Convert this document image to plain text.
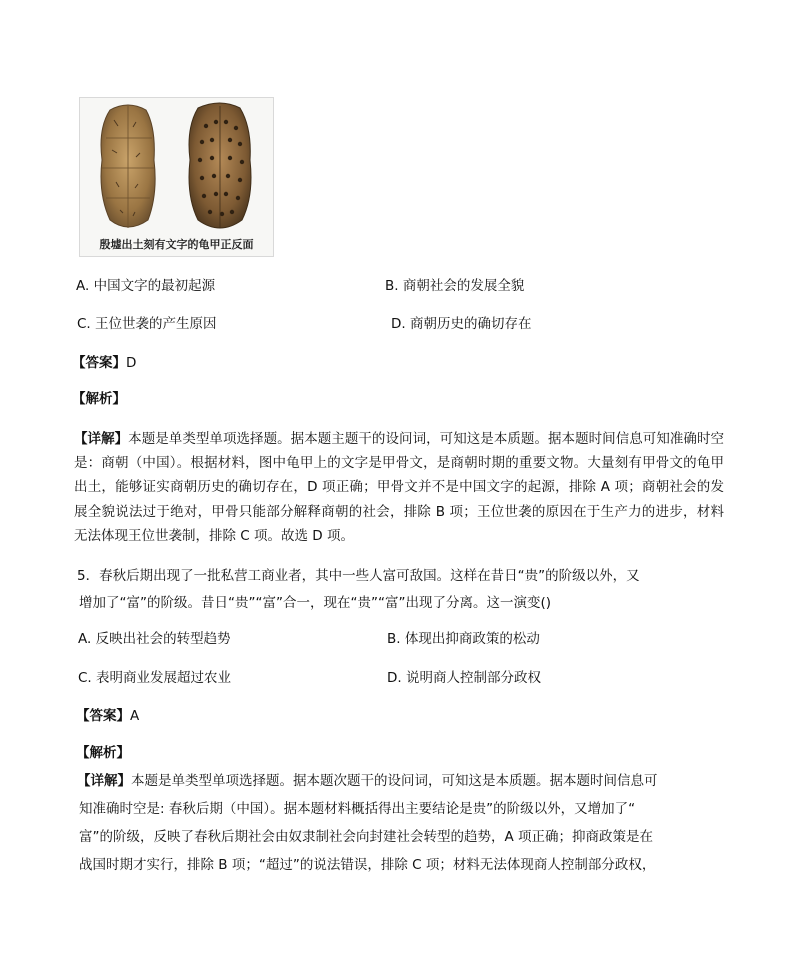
殷墟出土刻有文字的龟甲正反面
A. 中国文字的最初起源	B. 商朝社会的发展全貌
C. 王位世袭的产生原因	D. 商朝历史的确切存在
【答案】D
【解析】
【详解】本题是单类型单项选择题。据本题主题干的设问词，可知这是本质题。据本题时间信息可知准确时空是：商朝（中国）。根据材料，图中龟甲上的文字是甲骨文，是商朝时期的重要文物。大量刻有甲骨文的龟甲出土，能够证实商朝历史的确切存在，D 项正确；甲骨文并不是中国文字的起源，排除 A 项；商朝社会的发展全貌说法过于绝对，甲骨只能部分解释商朝的社会，排除 B 项；王位世袭的原因在于生产力的进步，材料无法体现王位世袭制，排除 C 项。故选 D 项。
5．春秋后期出现了一批私营工商业者，其中一些人富可敌国。这样在昔日“贵”的阶级以外，又
增加了“富”的阶级。昔日“贵”“富”合一，现在“贵”“富”出现了分离。这一演变()
A. 反映出社会的转型趋势	B. 体现出抑商政策的松动
C. 表明商业发展超过农业	D. 说明商人控制部分政权
【答案】A
【解析】
【详解】本题是单类型单项选择题。据本题次题干的设问词，可知这是本质题。据本题时间信息可
知准确时空是: 春秋后期（中国）。据本题材料概括得出主要结论是贵”的阶级以外，又增加了“
富”的阶级，反映了春秋后期社会由奴隶制社会向封建社会转型的趋势，A 项正确；抑商政策是在
战国时期才实行，排除 B 项；“超过”的说法错误，排除 C 项；材料无法体现商人控制部分政权，
